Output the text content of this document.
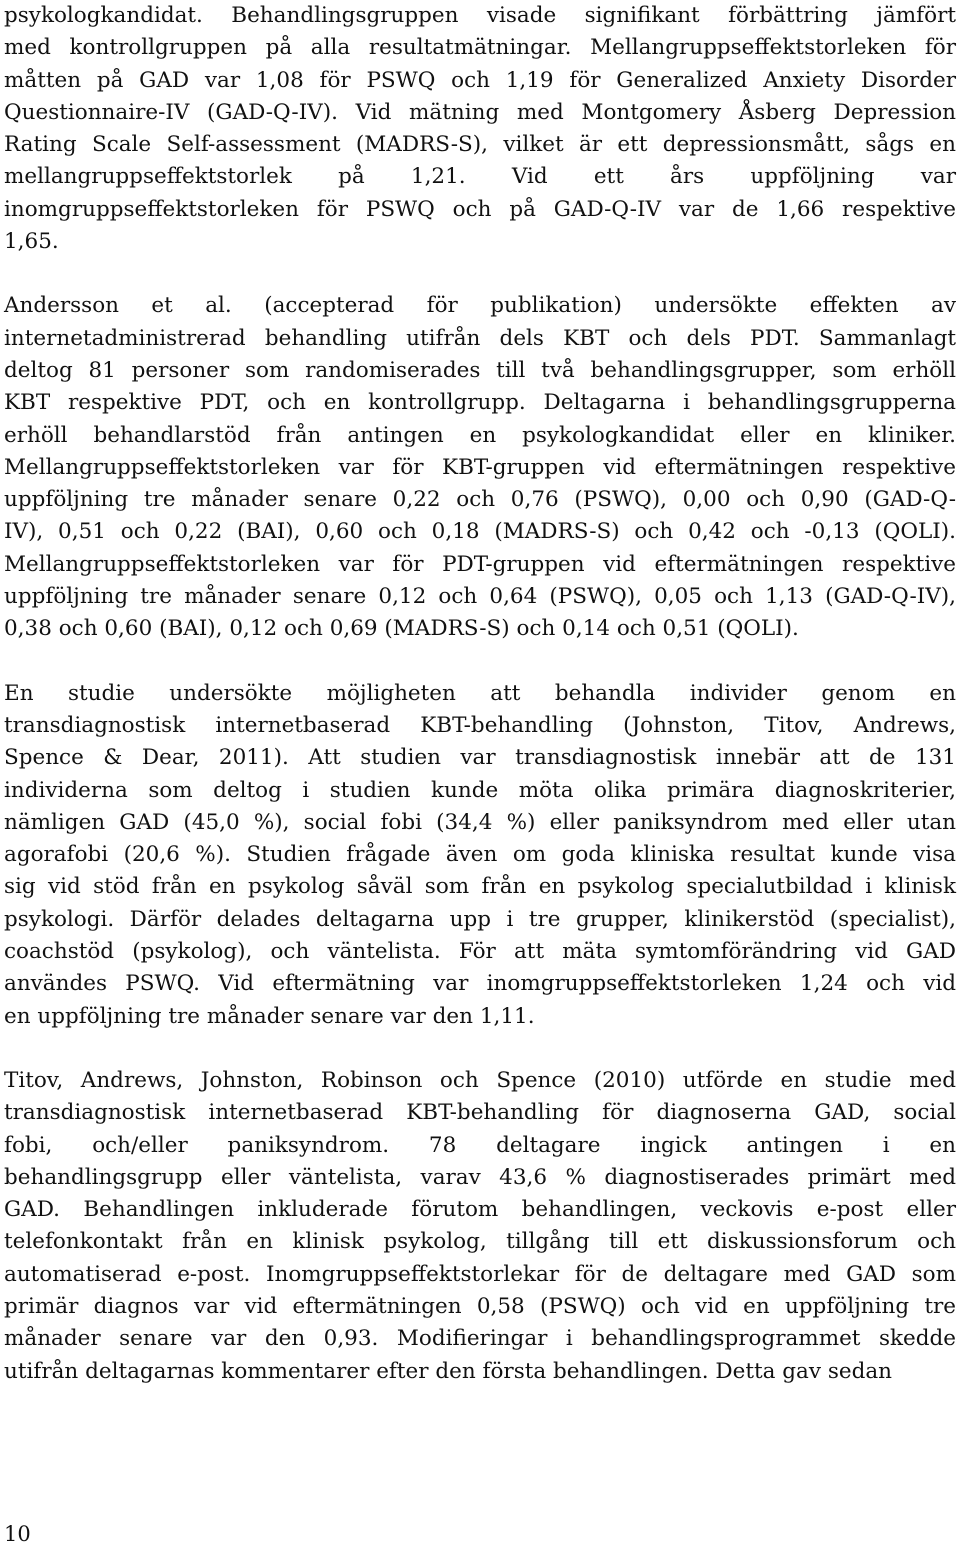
psykologkandidat. Behandlingsgruppen visade signifikant förbättring jämfört
med kontrollgruppen på alla resultatmätningar. Mellangruppseffektstorleken för
måtten på GAD var 1,08 för PSWQ och 1,19 för Generalized Anxiety Disorder
Questionnaire-IV (GAD-Q-IV). Vid mätning med Montgomery Åsberg Depression
Rating Scale Self-assessment (MADRS-S), vilket är ett depressionsmått, sågs en
mellangruppseffektstorlek på 1,21. Vid ett års uppföljning var
inomgruppseffektstorleken för PSWQ och på GAD-Q-IV var de 1,66 respektive
1,65.
Andersson et al. (accepterad för publikation) undersökte effekten av
internetadministrerad behandling utifrån dels KBT och dels PDT. Sammanlagt
deltog 81 personer som randomiserades till två behandlingsgrupper, som erhöll
KBT respektive PDT, och en kontrollgrupp. Deltagarna i behandlingsgrupperna
erhöll behandlarstöd från antingen en psykologkandidat eller en kliniker.
Mellangruppseffektstorleken var för KBT-gruppen vid eftermätningen respektive
uppföljning tre månader senare 0,22 och 0,76 (PSWQ), 0,00 och 0,90 (GAD-Q-
IV), 0,51 och 0,22 (BAI), 0,60 och 0,18 (MADRS-S) och 0,42 och -0,13 (QOLI).
Mellangruppseffektstorleken var för PDT-gruppen vid eftermätningen respektive
uppföljning tre månader senare 0,12 och 0,64 (PSWQ), 0,05 och 1,13 (GAD-Q-IV),
0,38 och 0,60 (BAI), 0,12 och 0,69 (MADRS-S) och 0,14 och 0,51 (QOLI).
En studie undersökte möjligheten att behandla individer genom en
transdiagnostisk internetbaserad KBT-behandling (Johnston, Titov, Andrews,
Spence & Dear, 2011). Att studien var transdiagnostisk innebär att de 131
individerna som deltog i studien kunde möta olika primära diagnoskriterier,
nämligen GAD (45,0 %), social fobi (34,4 %) eller paniksyndrom med eller utan
agorafobi (20,6 %). Studien frågade även om goda kliniska resultat kunde visa
sig vid stöd från en psykolog såväl som från en psykolog specialutbildad i klinisk
psykologi. Därför delades deltagarna upp i tre grupper, klinikerstöd (specialist),
coachstöd (psykolog), och väntelista. För att mäta symtomförändring vid GAD
användes PSWQ. Vid eftermätning var inomgruppseffektstorleken 1,24 och vid
en uppföljning tre månader senare var den 1,11.
Titov, Andrews, Johnston, Robinson och Spence (2010) utförde en studie med
transdiagnostisk internetbaserad KBT-behandling för diagnoserna GAD, social
fobi, och/eller paniksyndrom. 78 deltagare ingick antingen i en
behandlingsgrupp eller väntelista, varav 43,6 % diagnostiserades primärt med
GAD. Behandlingen inkluderade förutom behandlingen, veckovis e-post eller
telefonkontakt från en klinisk psykolog, tillgång till ett diskussionsforum och
automatiserad e-post. Inomgruppseffektstorlekar för de deltagare med GAD som
primär diagnos var vid eftermätningen 0,58 (PSWQ) och vid en uppföljning tre
månader senare var den 0,93. Modifieringar i behandlingsprogrammet skedde
utifrån deltagarnas kommentarer efter den första behandlingen. Detta gav sedan
10
